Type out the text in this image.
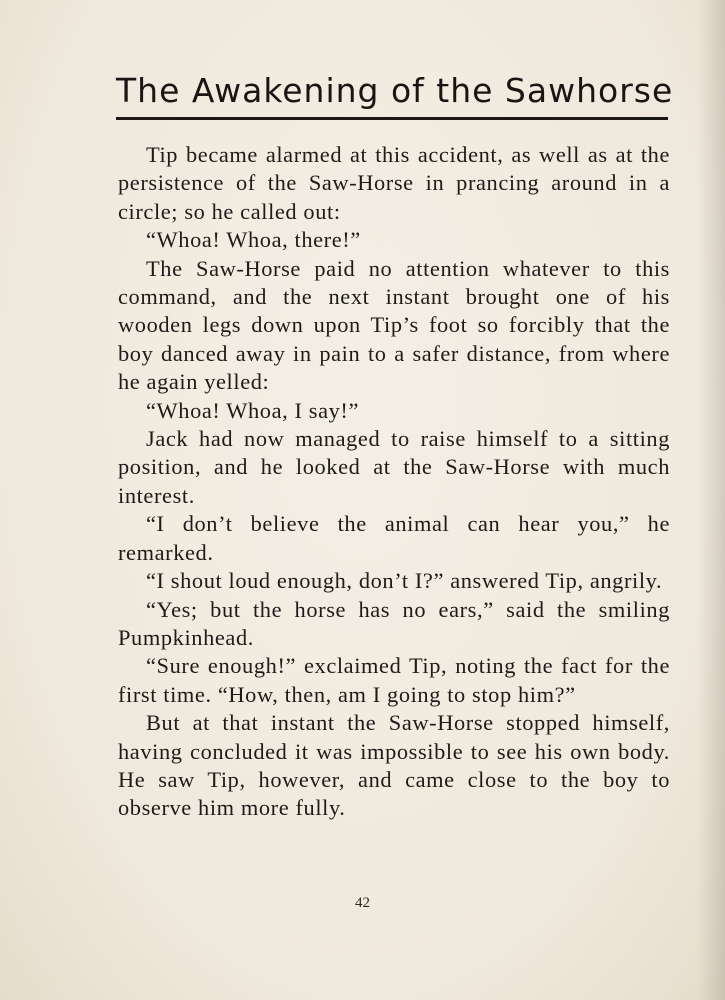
The Awakening of the Sawhorse

Tip became alarmed at this accident, as well as at the persistence of the Saw-Horse in prancing around in a circle; so he called out:

“Whoa! Whoa, there!”

The Saw-Horse paid no attention whatever to this command, and the next instant brought one of his wooden legs down upon Tip’s foot so forcibly that the boy danced away in pain to a safer distance, from where he again yelled:

“Whoa! Whoa, I say!”

Jack had now managed to raise himself to a sitting position, and he looked at the Saw-Horse with much interest.

“I don’t believe the animal can hear you,” he remarked.

“I shout loud enough, don’t I?” answered Tip, angrily.

“Yes; but the horse has no ears,” said the smiling Pumpkinhead.

“Sure enough!” exclaimed Tip, noting the fact for the first time. “How, then, am I going to stop him?”

But at that instant the Saw-Horse stopped himself, having concluded it was impossible to see his own body. He saw Tip, however, and came close to the boy to observe him more fully.

42
